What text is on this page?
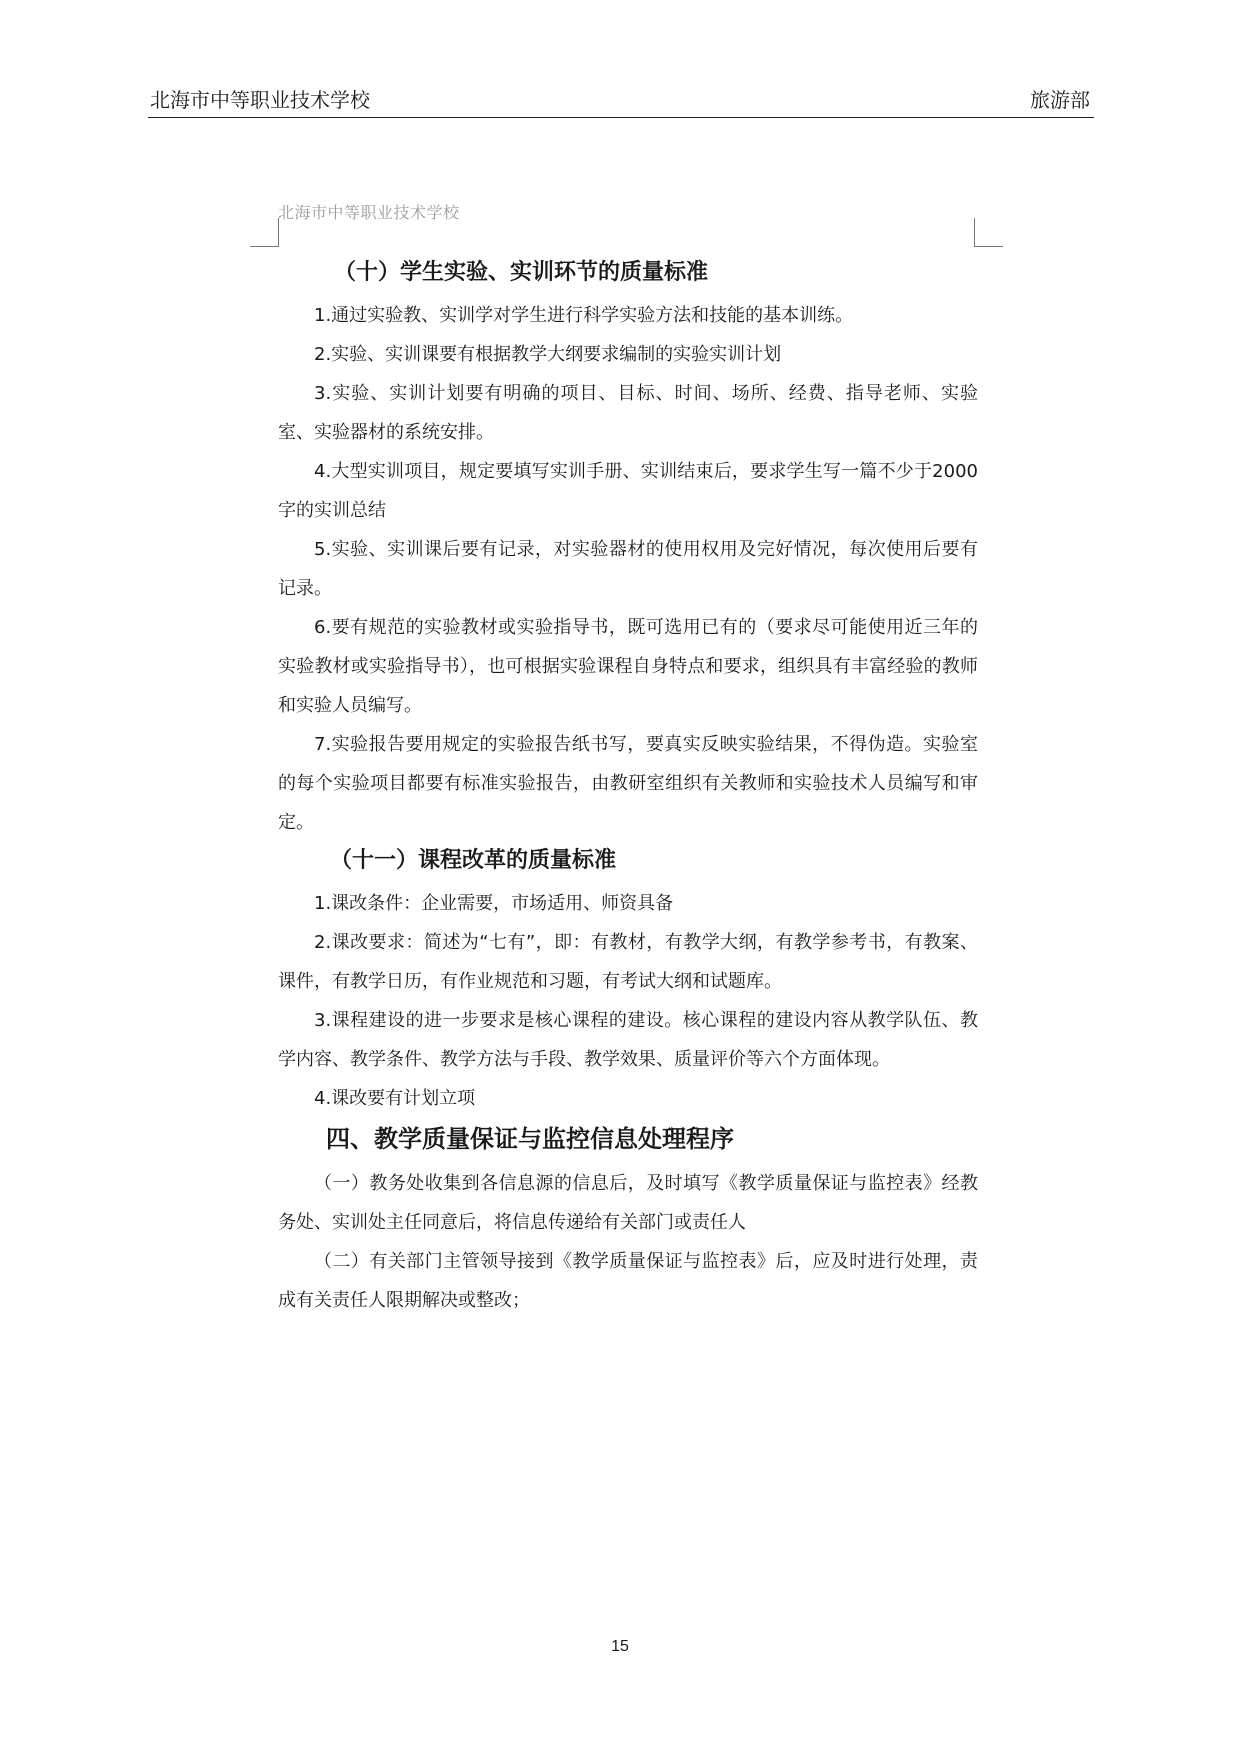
北海市中等职业技术学校	旅游部
北海市中等职业技术学校
（十）学生实验、实训环节的质量标准

1.通过实验教、实训学对学生进行科学实验方法和技能的基本训练。

2.实验、实训课要有根据教学大纲要求编制的实验实训计划

3.实验、实训计划要有明确的项目、目标、时间、场所、经费、指导老师、实验室、实验器材的系统安排。

4.大型实训项目，规定要填写实训手册、实训结束后，要求学生写一篇不少于2000字的实训总结

5.实验、实训课后要有记录，对实验器材的使用权用及完好情况，每次使用后要有记录。

6.要有规范的实验教材或实验指导书，既可选用已有的（要求尽可能使用近三年的实验教材或实验指导书），也可根据实验课程自身特点和要求，组织具有丰富经验的教师和实验人员编写。

7.实验报告要用规定的实验报告纸书写，要真实反映实验结果，不得伪造。实验室的每个实验项目都要有标准实验报告，由教研室组织有关教师和实验技术人员编写和审定。

（十一）课程改革的质量标准

1.课改条件：企业需要，市场适用、师资具备

2.课改要求：简述为“七有”，即：有教材，有教学大纲，有教学参考书，有教案、课件，有教学日历，有作业规范和习题，有考试大纲和试题库。

3.课程建设的进一步要求是核心课程的建设。核心课程的建设内容从教学队伍、教学内容、教学条件、教学方法与手段、教学效果、质量评价等六个方面体现。

4.课改要有计划立项

四、教学质量保证与监控信息处理程序

（一）教务处收集到各信息源的信息后，及时填写《教学质量保证与监控表》经教务处、实训处主任同意后，将信息传递给有关部门或责任人

（二）有关部门主管领导接到《教学质量保证与监控表》后，应及时进行处理，责成有关责任人限期解决或整改；

15
